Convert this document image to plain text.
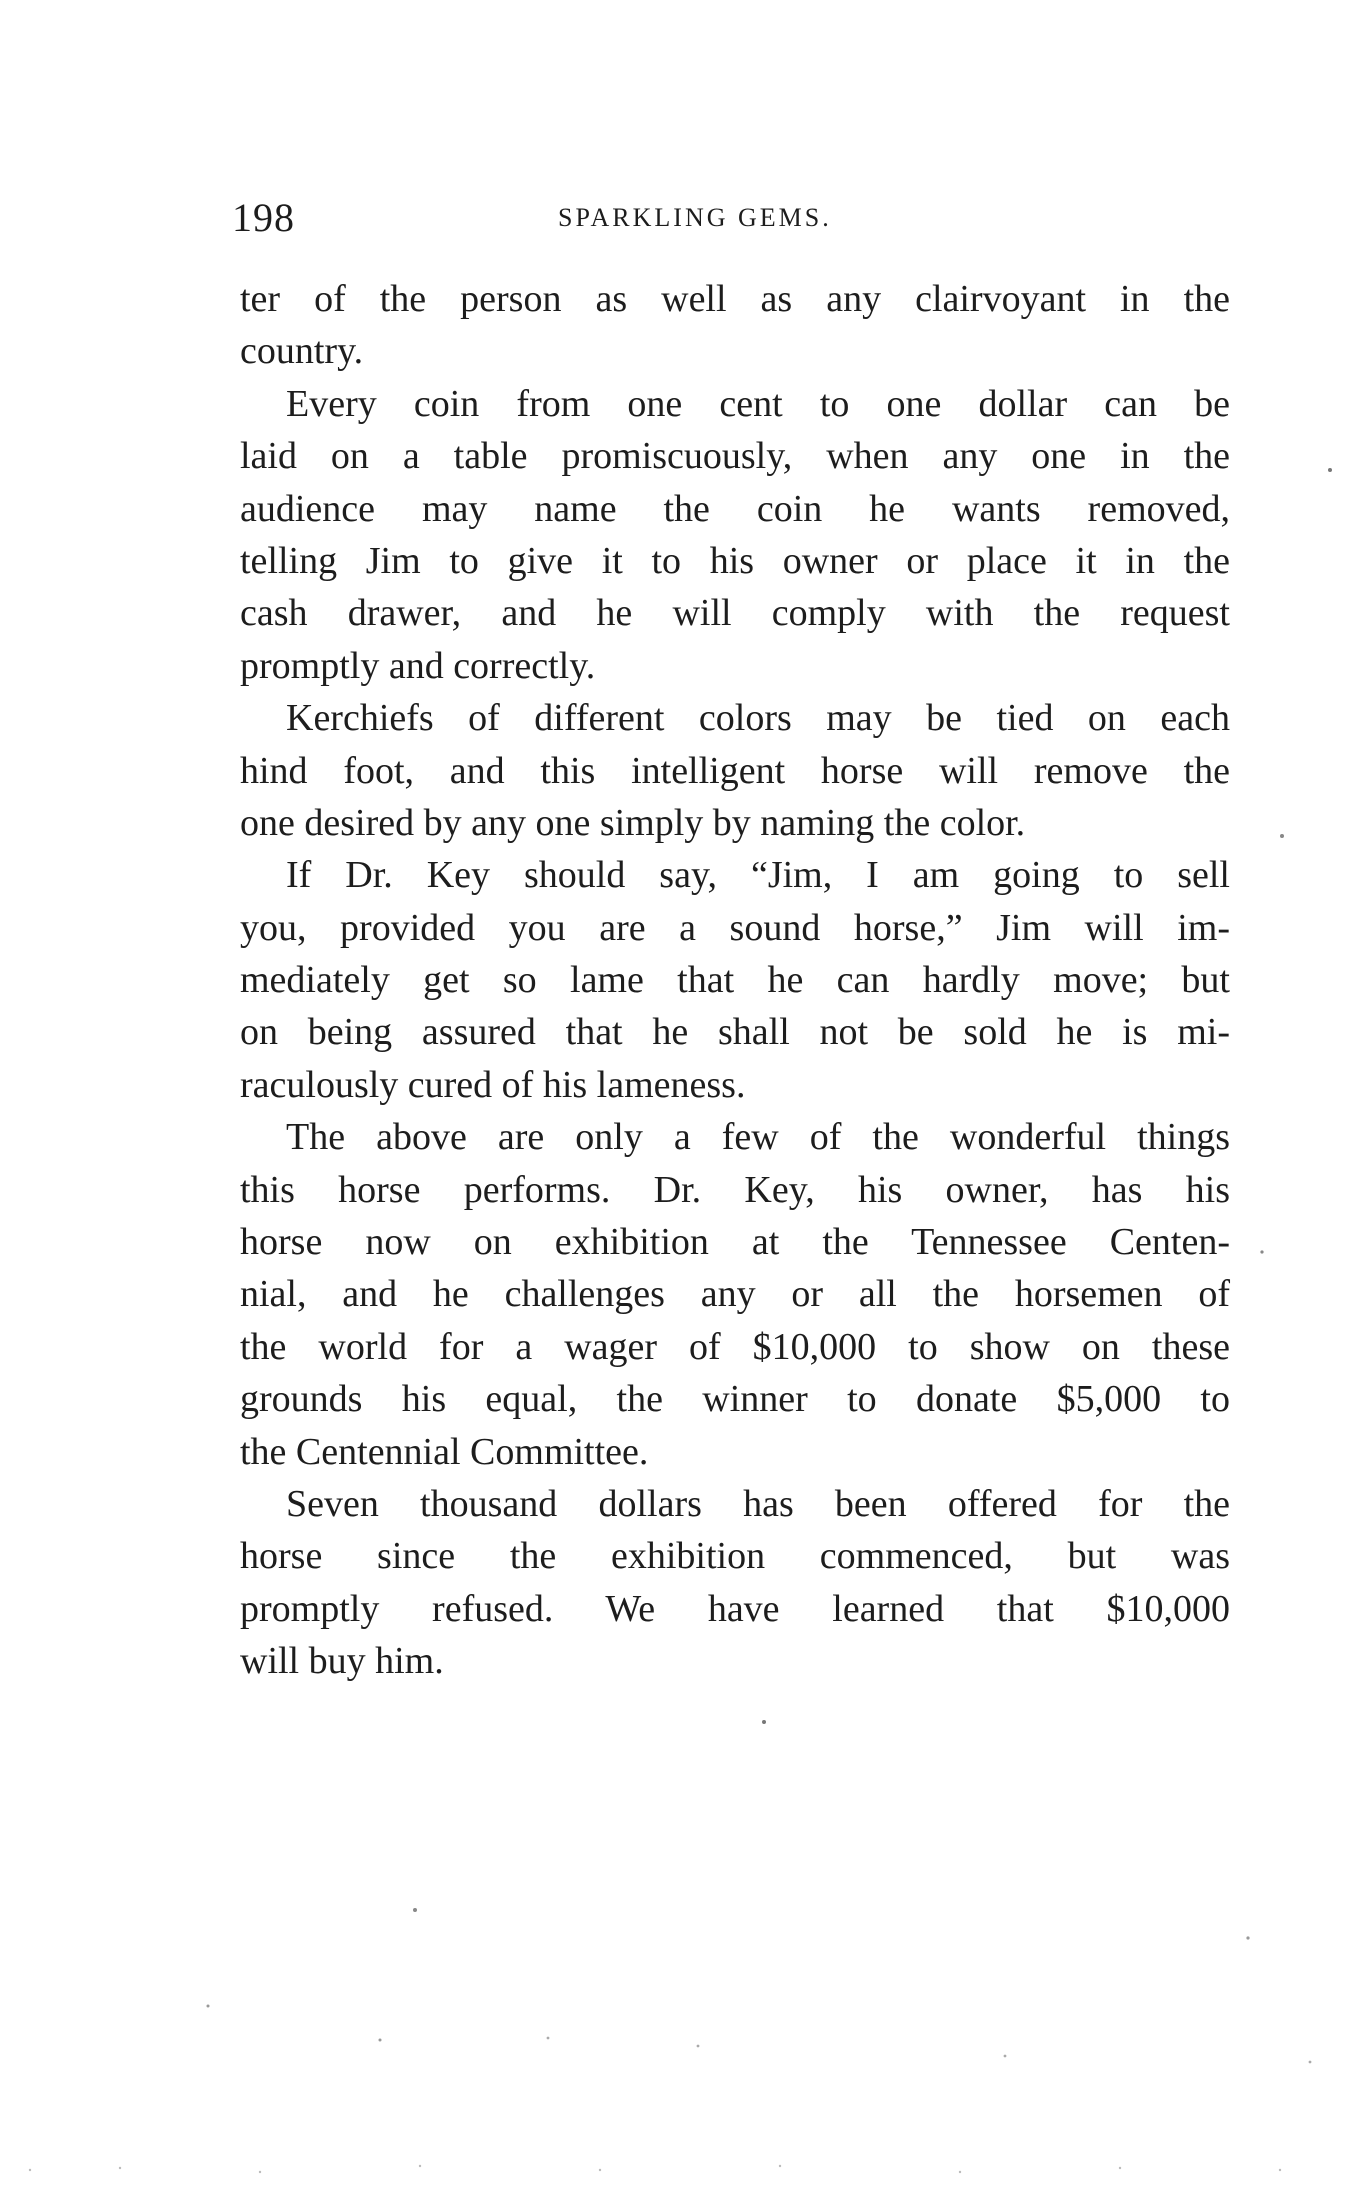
198	SPARKLING GEMS.
ter of the person as well as any clairvoyant in the
country.
Every coin from one cent to one dollar can be
laid on a table promiscuously, when any one in the
audience may name the coin he wants removed,
telling Jim to give it to his owner or place it in the
cash drawer, and he will comply with the request
promptly and correctly.
Kerchiefs of different colors may be tied on each
hind foot, and this intelligent horse will remove the
one desired by any one simply by naming the color.
If Dr. Key should say, “Jim, I am going to sell
you, provided you are a sound horse,” Jim will im-
mediately get so lame that he can hardly move; but
on being assured that he shall not be sold he is mi-
raculously cured of his lameness.
The above are only a few of the wonderful things
this horse performs. Dr. Key, his owner, has his
horse now on exhibition at the Tennessee Centen-
nial, and he challenges any or all the horsemen of
the world for a wager of $10,000 to show on these
grounds his equal, the winner to donate $5,000 to
the Centennial Committee.
Seven thousand dollars has been offered for the
horse since the exhibition commenced, but was
promptly refused. We have learned that $10,000
will buy him.
